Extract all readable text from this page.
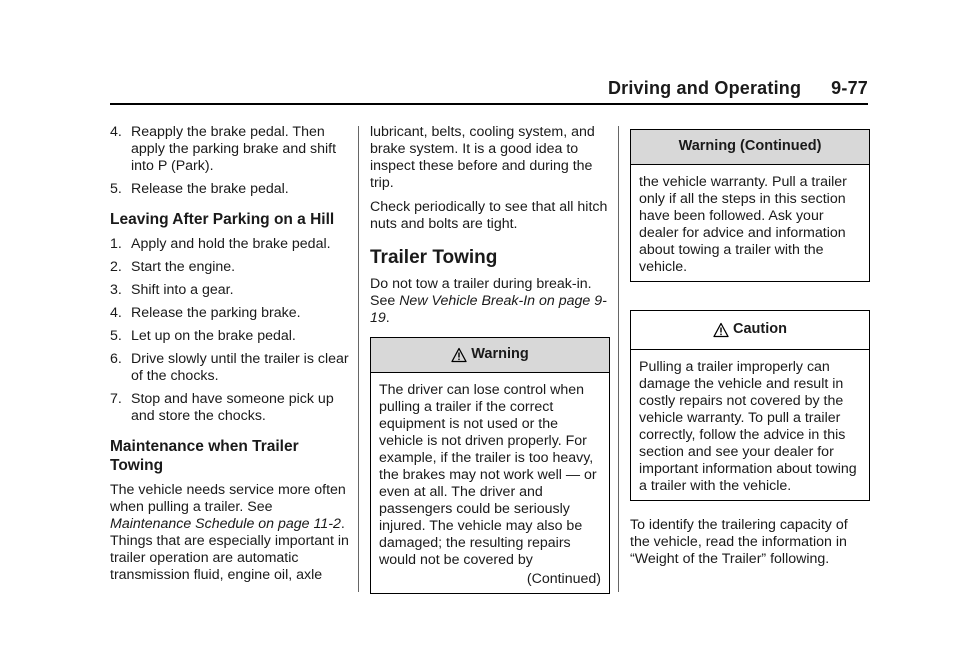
Driving and Operating 9-77
4. Reapply the brake pedal. Then apply the parking brake and shift into P (Park).
5. Release the brake pedal.
Leaving After Parking on a Hill
1. Apply and hold the brake pedal.
2. Start the engine.
3. Shift into a gear.
4. Release the parking brake.
5. Let up on the brake pedal.
6. Drive slowly until the trailer is clear of the chocks.
7. Stop and have someone pick up and store the chocks.
Maintenance when Trailer Towing

The vehicle needs service more often when pulling a trailer. See Maintenance Schedule on page 11-2. Things that are especially important in trailer operation are automatic transmission fluid, engine oil, axle

lubricant, belts, cooling system, and brake system. It is a good idea to inspect these before and during the trip.

Check periodically to see that all hitch nuts and bolts are tight.

Trailer Towing

Do not tow a trailer during break-in. See New Vehicle Break-In on page 9-19.

Warning

The driver can lose control when pulling a trailer if the correct equipment is not used or the vehicle is not driven properly. For example, if the trailer is too heavy, the brakes may not work well — or even at all. The driver and passengers could be seriously injured. The vehicle may also be damaged; the resulting repairs would not be covered by

(Continued)
Warning (Continued)

the vehicle warranty. Pull a trailer only if all the steps in this section have been followed. Ask your dealer for advice and information about towing a trailer with the vehicle.

Caution

Pulling a trailer improperly can damage the vehicle and result in costly repairs not covered by the vehicle warranty. To pull a trailer correctly, follow the advice in this section and see your dealer for important information about towing a trailer with the vehicle.

To identify the trailering capacity of the vehicle, read the information in “Weight of the Trailer” following.
